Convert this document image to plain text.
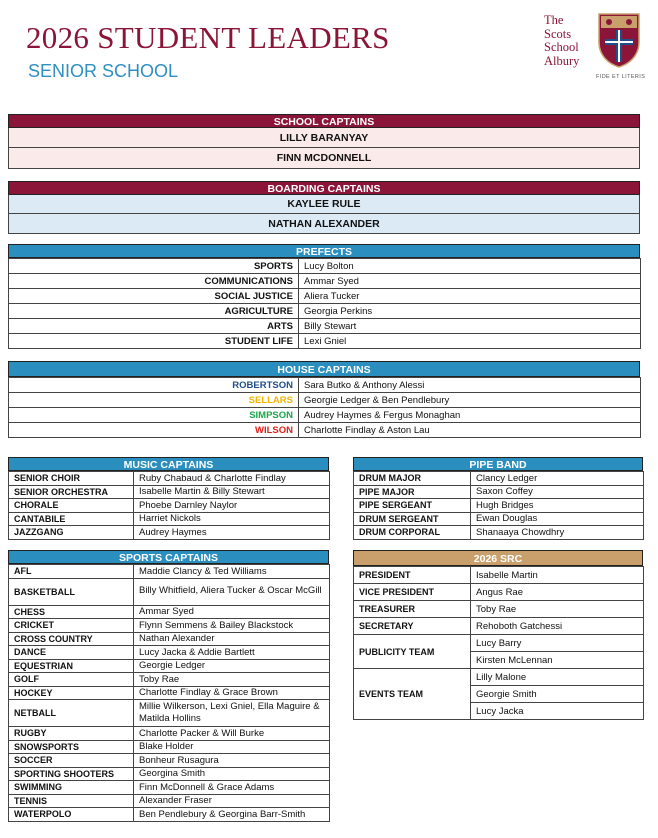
2026 STUDENT LEADERS
SENIOR SCHOOL
The
Scots
School
Albury
FIDE ET LITERIS
SCHOOL CAPTAINS
LILLY BARANYAY
FINN MCDONNELL
BOARDING CAPTAINS
KAYLEE RULE
NATHAN ALEXANDER
PREFECTS
SPORTS	Lucy Bolton
COMMUNICATIONS	Ammar Syed
SOCIAL JUSTICE	Aliera Tucker
AGRICULTURE	Georgia Perkins
ARTS	Billy Stewart
STUDENT LIFE	Lexi Gniel
HOUSE CAPTAINS
ROBERTSON	Sara Butko & Anthony Alessi
SELLARS	Georgie Ledger & Ben Pendlebury
SIMPSON	Audrey Haymes & Fergus Monaghan
WILSON	Charlotte Findlay & Aston Lau
MUSIC CAPTAINS
SENIOR CHOIR	Ruby Chabaud & Charlotte Findlay
SENIOR ORCHESTRA	Isabelle Martin & Billy Stewart
CHORALE	Phoebe Darnley Naylor
CANTABILE	Harriet Nickols
JAZZGANG	Audrey Haymes
PIPE BAND
DRUM MAJOR	Clancy Ledger
PIPE MAJOR	Saxon Coffey
PIPE SERGEANT	Hugh Bridges
DRUM SERGEANT	Ewan Douglas
DRUM CORPORAL	Shanaaya Chowdhry
SPORTS CAPTAINS
AFL	Maddie Clancy & Ted Williams
BASKETBALL	Billy Whitfield, Aliera Tucker & Oscar McGill
CHESS	Ammar Syed
CRICKET	Flynn Semmens & Bailey Blackstock
CROSS COUNTRY	Nathan Alexander
DANCE	Lucy Jacka & Addie Bartlett
EQUESTRIAN	Georgie Ledger
GOLF	Toby Rae
HOCKEY	Charlotte Findlay & Grace Brown
NETBALL	Millie Wilkerson, Lexi Gniel, Ella Maguire & Matilda Hollins
RUGBY	Charlotte Packer & Will Burke
SNOWSPORTS	Blake Holder
SOCCER	Bonheur Rusagura
SPORTING SHOOTERS	Georgina Smith
SWIMMING	Finn McDonnell & Grace Adams
TENNIS	Alexander Fraser
WATERPOLO	Ben Pendlebury & Georgina Barr-Smith
2026 SRC
PRESIDENT	Isabelle Martin
VICE PRESIDENT	Angus Rae
TREASURER	Toby Rae
SECRETARY	Rehoboth Gatchessi
PUBLICITY TEAM	Lucy Barry
	Kirsten McLennan
EVENTS TEAM	Lilly Malone
	Georgie Smith
	Lucy Jacka
